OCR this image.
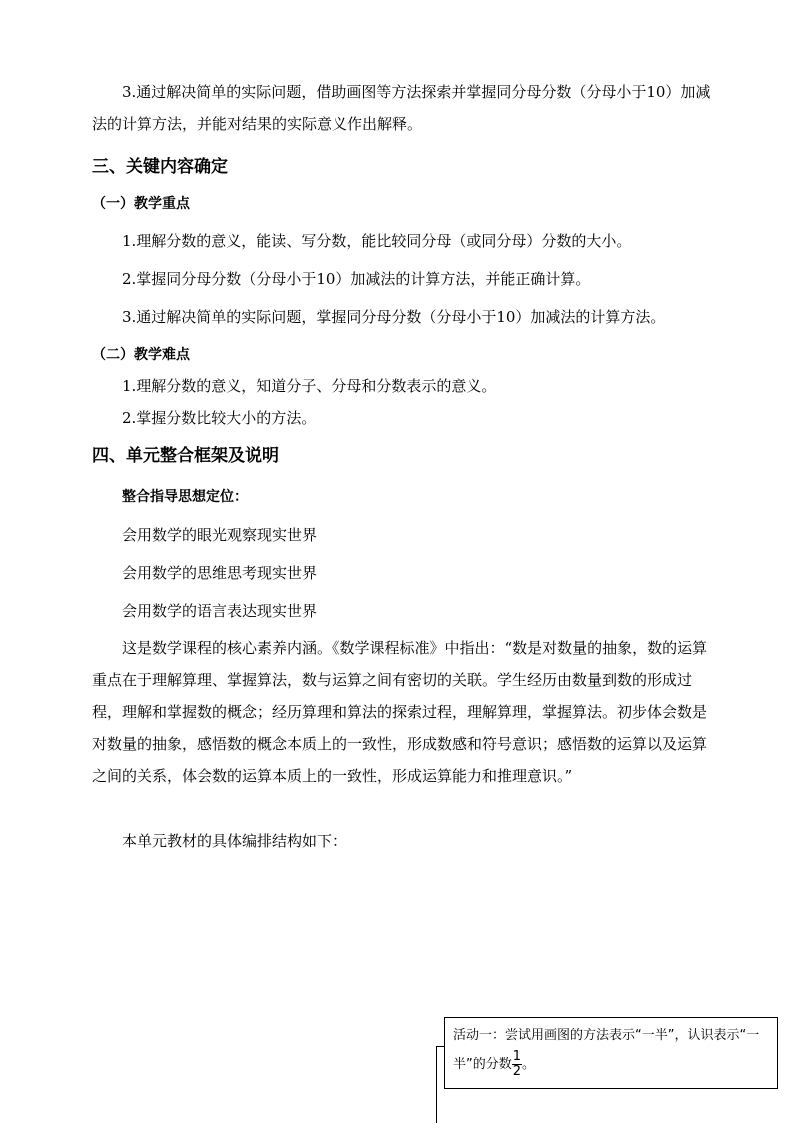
3.通过解决简单的实际问题，借助画图等方法探索并掌握同分母分数（分母小于10）加减法的计算方法，并能对结果的实际意义作出解释。

三、关键内容确定
（一）教学重点

1.理解分数的意义，能读、写分数，能比较同分母（或同分母）分数的大小。

2.掌握同分母分数（分母小于10）加减法的计算方法，并能正确计算。

3.通过解决简单的实际问题，掌握同分母分数（分母小于10）加减法的计算方法。

（二）教学难点

1.理解分数的意义，知道分子、分母和分数表示的意义。

2.掌握分数比较大小的方法。

四、单元整合框架及说明

整合指导思想定位：

会用数学的眼光观察现实世界

会用数学的思维思考现实世界

会用数学的语言表达现实世界

这是数学课程的核心素养内涵。《数学课程标准》中指出：“数是对数量的抽象，数的运算重点在于理解算理、掌握算法，数与运算之间有密切的关联。学生经历由数量到数的形成过程，理解和掌握数的概念；经历算理和算法的探索过程，理解算理，掌握算法。初步体会数是对数量的抽象，感悟数的概念本质上的一致性，形成数感和符号意识；感悟数的运算以及运算之间的关系，体会数的运算本质上的一致性，形成运算能力和推理意识。”

本单元教材的具体编排结构如下：

活动一：尝试用画图的方法表示“一半”，认识表示“一半”的分数 $\frac{1}{2}$ 。
